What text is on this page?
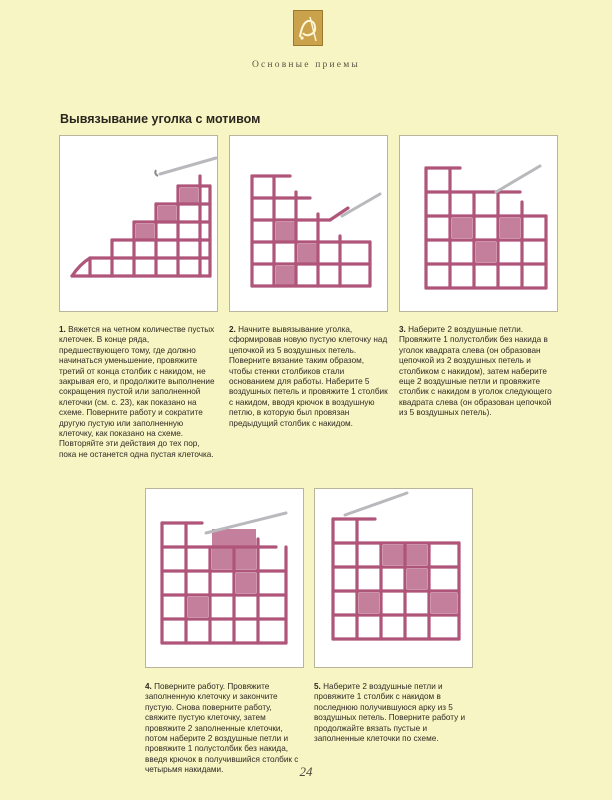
Основные приемы
Вывязывание уголка с мотивом
1. Вяжется на четном количестве пустых клеточек. В конце ряда, предшествующего тому, где должно начинаться уменьшение, провяжите третий от конца столбик с накидом, не закрывая его, и продолжите выполнение сокращения пустой или заполненной клеточки (см. с. 23), как показано на схеме. Поверните работу и сократите другую пустую или заполненную клеточку, как показано на схеме. Повторяйте эти действия до тех пор, пока не останется одна пустая клеточка.
2. Начните вывязывание уголка, сформировав новую пустую клеточку над цепочкой из 5 воздушных петель. Повернитe вязание таким образом, чтобы стенки столбиков стали основанием для работы. Наберите 5 воздушных петель и провяжите 1 столбик с накидом, вводя крючок в воздушную петлю, в которую был провязан предыдущий столбик с накидом.
3. Наберите 2 воздушные петли. Провяжите 1 полустолбик без накида в уголок квадрата слева (он образован цепочкой из 2 воздушных петель и столбиком с накидом), затем наберите еще 2 воздушные петли и провяжите столбик с накидом в уголок следующего квадрата слева (он образован цепочкой из 5 воздушных петель).
4. Поверните работу. Провяжите заполненную клеточку и закончите пустую. Снова поверните работу, свяжите пустую клеточку, затем провяжите 2 заполненные клеточки, потом наберите 2 воздушные петли и провяжите 1 полустолбик без накида, введя крючок в получившийся столбик с четырьмя накидами.
5. Наберите 2 воздушные петли и провяжите 1 столбик с накидом в последнюю получившуюся арку из 5 воздушных петель. Поверните работу и продолжайте вязать пустые и заполненные клеточки по схеме.
24
